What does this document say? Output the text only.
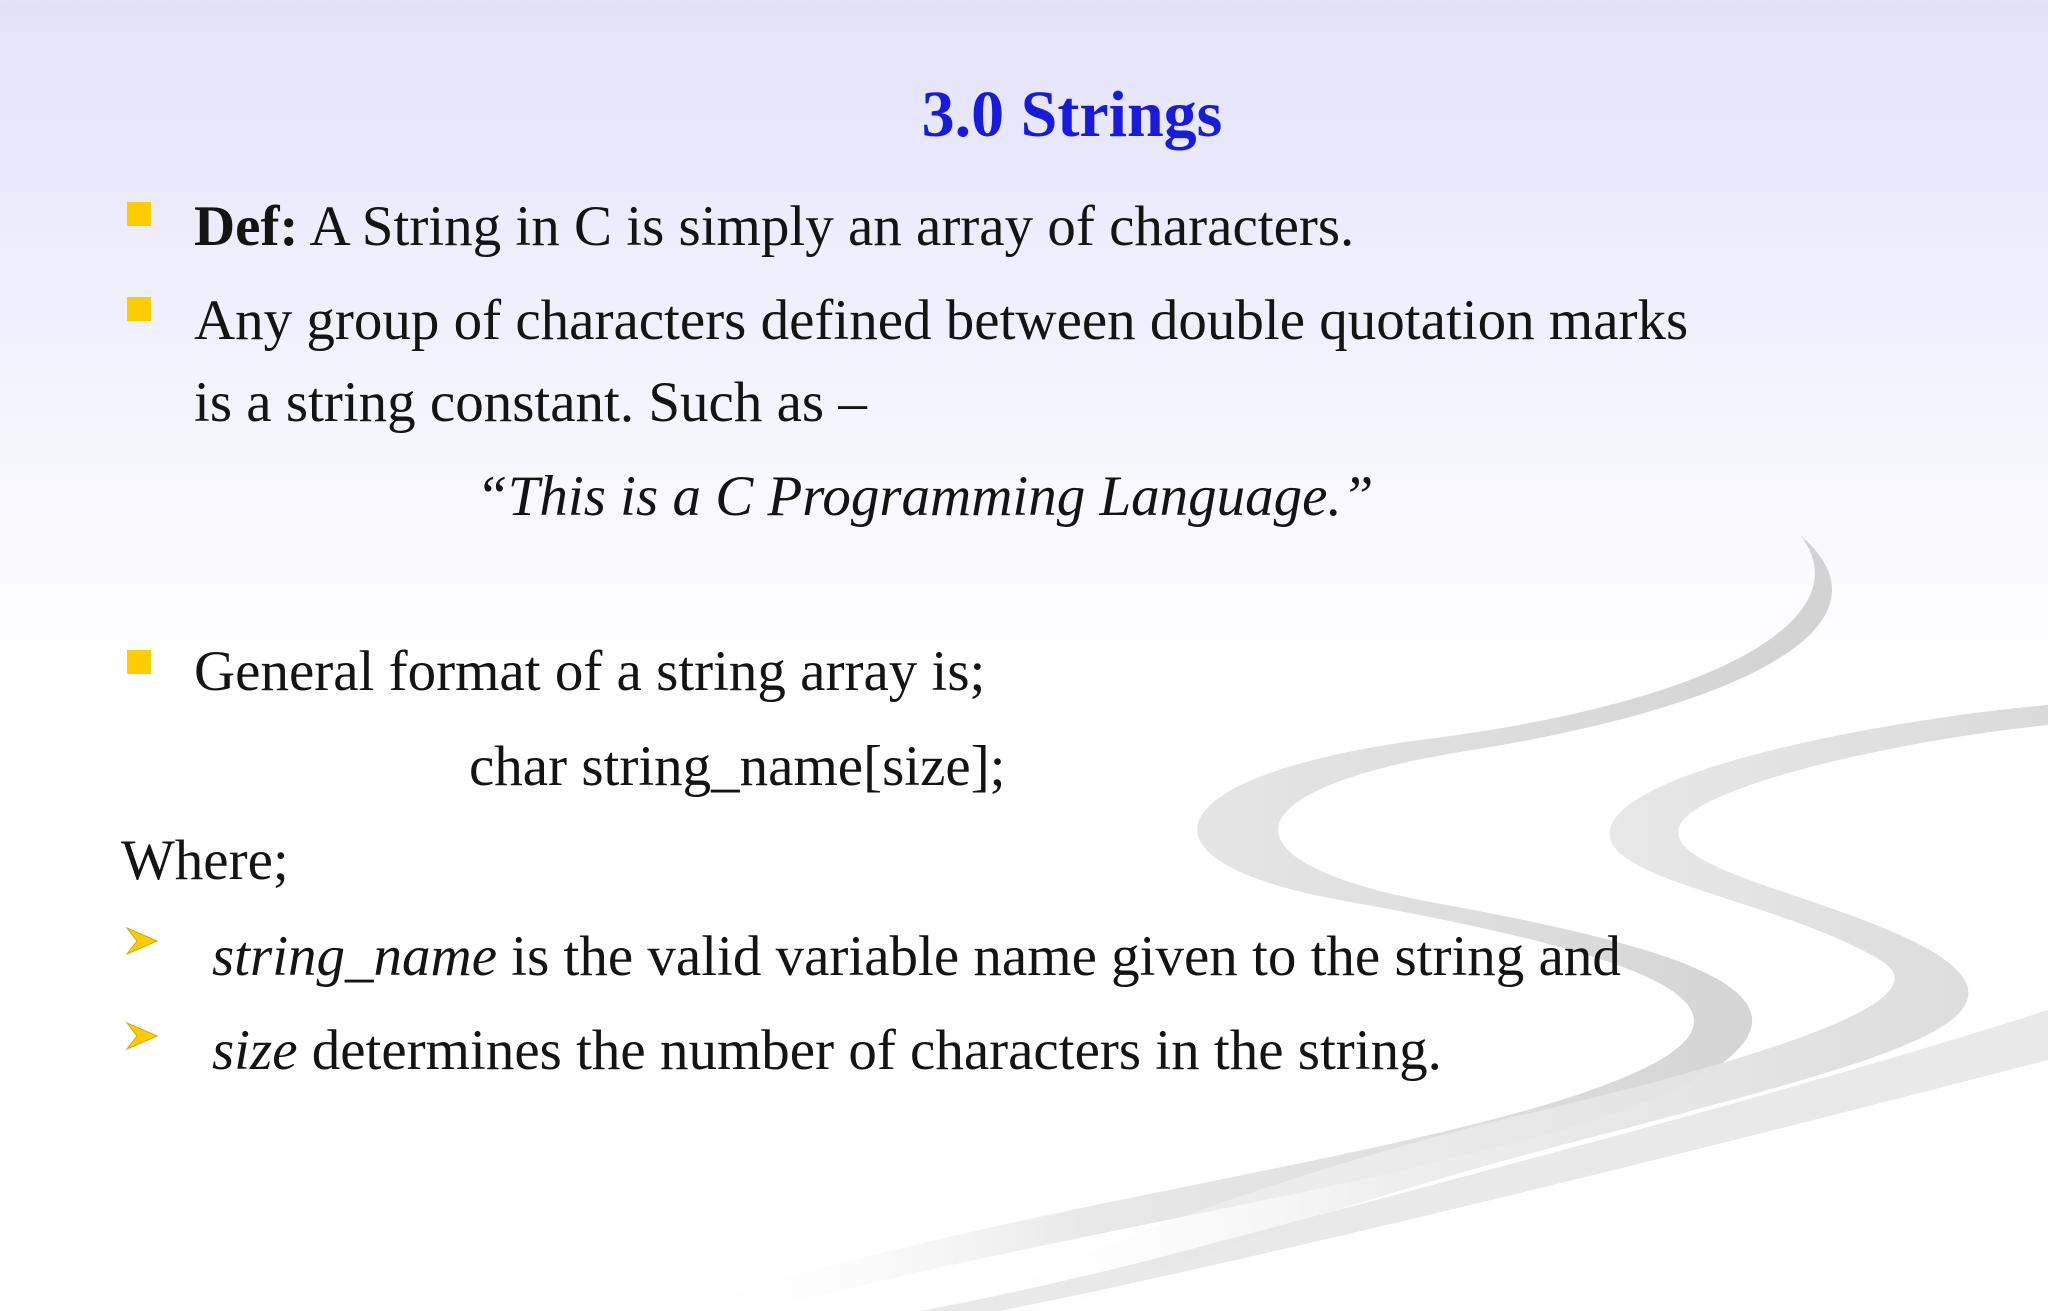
3.0 Strings
Def: A String in C is simply an array of characters.
Any group of characters defined between double quotation marks
is a string constant. Such as –
“This is a C Programming Language.”
General format of a string array is;
char string_name[size];
Where;
string_name is the valid variable name given to the string and
size determines the number of characters in the string.
